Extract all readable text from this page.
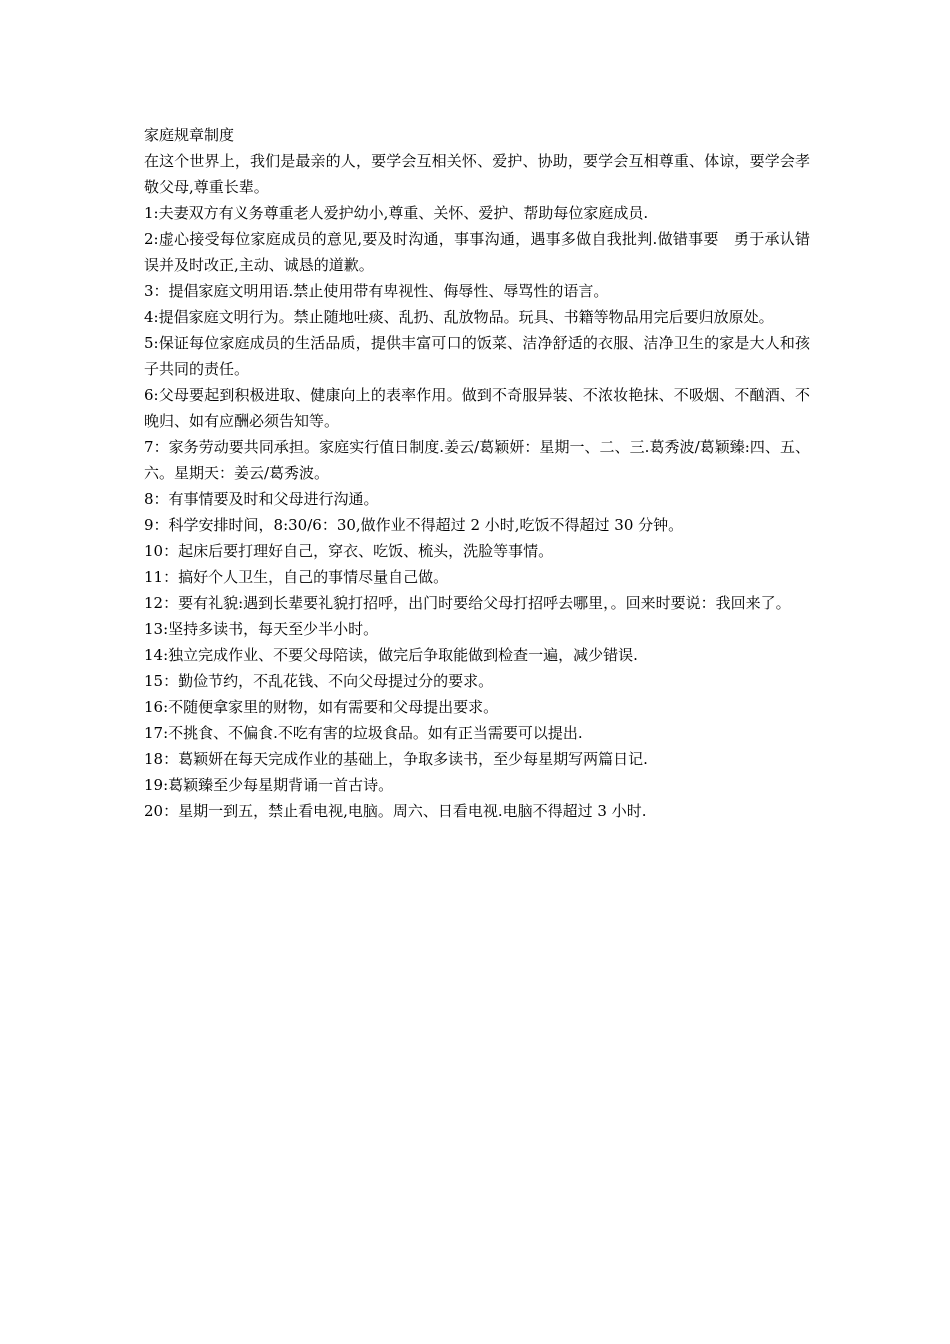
家庭规章制度

在这个世界上，我们是最亲的人，要学会互相关怀、爱护、协助，要学会互相尊重、体谅，要学会孝敬父母,尊重长辈。

1:夫妻双方有义务尊重老人爱护幼小,尊重、关怀、爱护、帮助每位家庭成员.

2:虚心接受每位家庭成员的意见,要及时沟通，事事沟通，遇事多做自我批判.做错事要　勇于承认错误并及时改正,主动、诚恳的道歉。

3：提倡家庭文明用语.禁止使用带有卑视性、侮辱性、辱骂性的语言。

4:提倡家庭文明行为。禁止随地吐痰、乱扔、乱放物品。玩具、书籍等物品用完后要归放原处。

5:保证每位家庭成员的生活品质，提供丰富可口的饭菜、洁净舒适的衣服、洁净卫生的家是大人和孩子共同的责任。

6:父母要起到积极进取、健康向上的表率作用。做到不奇服异装、不浓妆艳抹、不吸烟、不酗酒、不晚归、如有应酬必须告知等。

7：家务劳动要共同承担。家庭实行值日制度.姜云/葛颖妍：星期一、二、三.葛秀波/葛颖臻:四、五、六。星期天：姜云/葛秀波。

8：有事情要及时和父母进行沟通。

9：科学安排时间，8:30/6：30,做作业不得超过 2 小时,吃饭不得超过 30 分钟。

10：起床后要打理好自己，穿衣、吃饭、梳头，洗脸等事情。

11：搞好个人卫生，自己的事情尽量自己做。

12：要有礼貌:遇到长辈要礼貌打招呼，出门时要给父母打招呼去哪里，。回来时要说：我回来了。

13:坚持多读书，每天至少半小时。

14:独立完成作业、不要父母陪读，做完后争取能做到检查一遍，减少错误.

15：勤俭节约，不乱花钱、不向父母提过分的要求。

16:不随便拿家里的财物，如有需要和父母提出要求。

17:不挑食、不偏食.不吃有害的垃圾食品。如有正当需要可以提出.

18：葛颖妍在每天完成作业的基础上，争取多读书，至少每星期写两篇日记.

19:葛颖臻至少每星期背诵一首古诗。

20：星期一到五，禁止看电视,电脑。周六、日看电视.电脑不得超过 3 小时.
